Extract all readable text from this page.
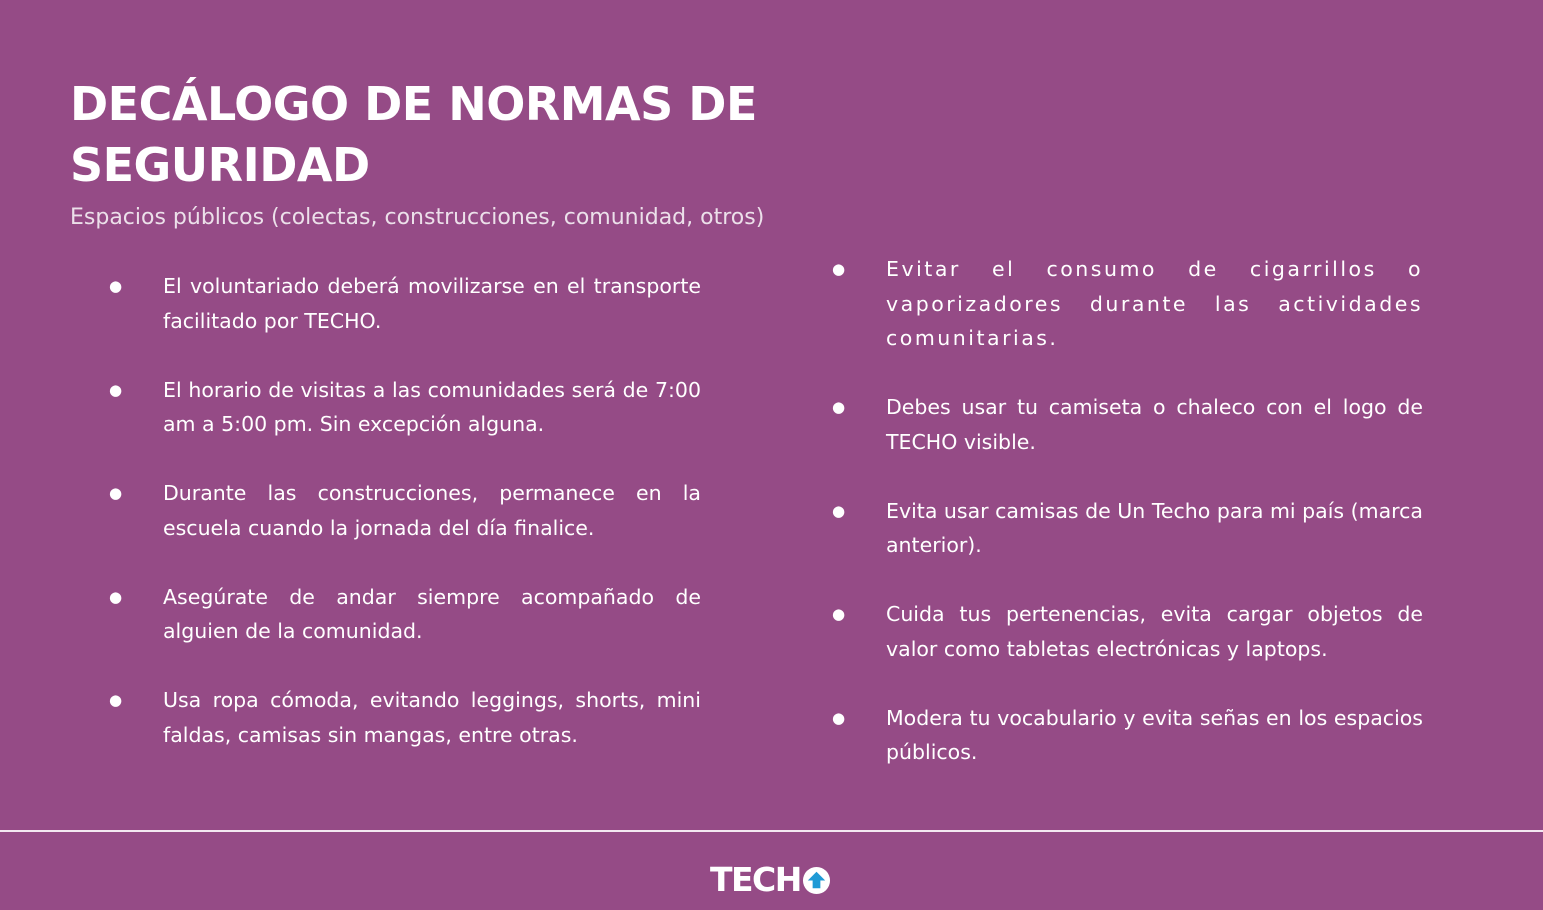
DECÁLOGO DE NORMAS DE
SEGURIDAD
Espacios públicos (colectas, construcciones, comunidad, otros)
● El voluntariado deberá movilizarse en el transporte facilitado por TECHO.
● El horario de visitas a las comunidades será de 7:00 am a 5:00 pm. Sin excepción alguna.
● Durante las construcciones, permanece en la escuela cuando la jornada del día finalice.
● Asegúrate de andar siempre acompañado de alguien de la comunidad.
● Usa ropa cómoda, evitando leggings, shorts, mini faldas, camisas sin mangas, entre otras.
● Evitar el consumo de cigarrillos o vaporizadores durante las actividades comunitarias.
● Debes usar tu camiseta o chaleco con el logo de TECHO visible.
● Evita usar camisas de Un Techo para mi país (marca anterior).
● Cuida tus pertenencias, evita cargar objetos de valor como tabletas electrónicas y laptops.
● Modera tu vocabulario y evita señas en los espacios públicos.
TECH
